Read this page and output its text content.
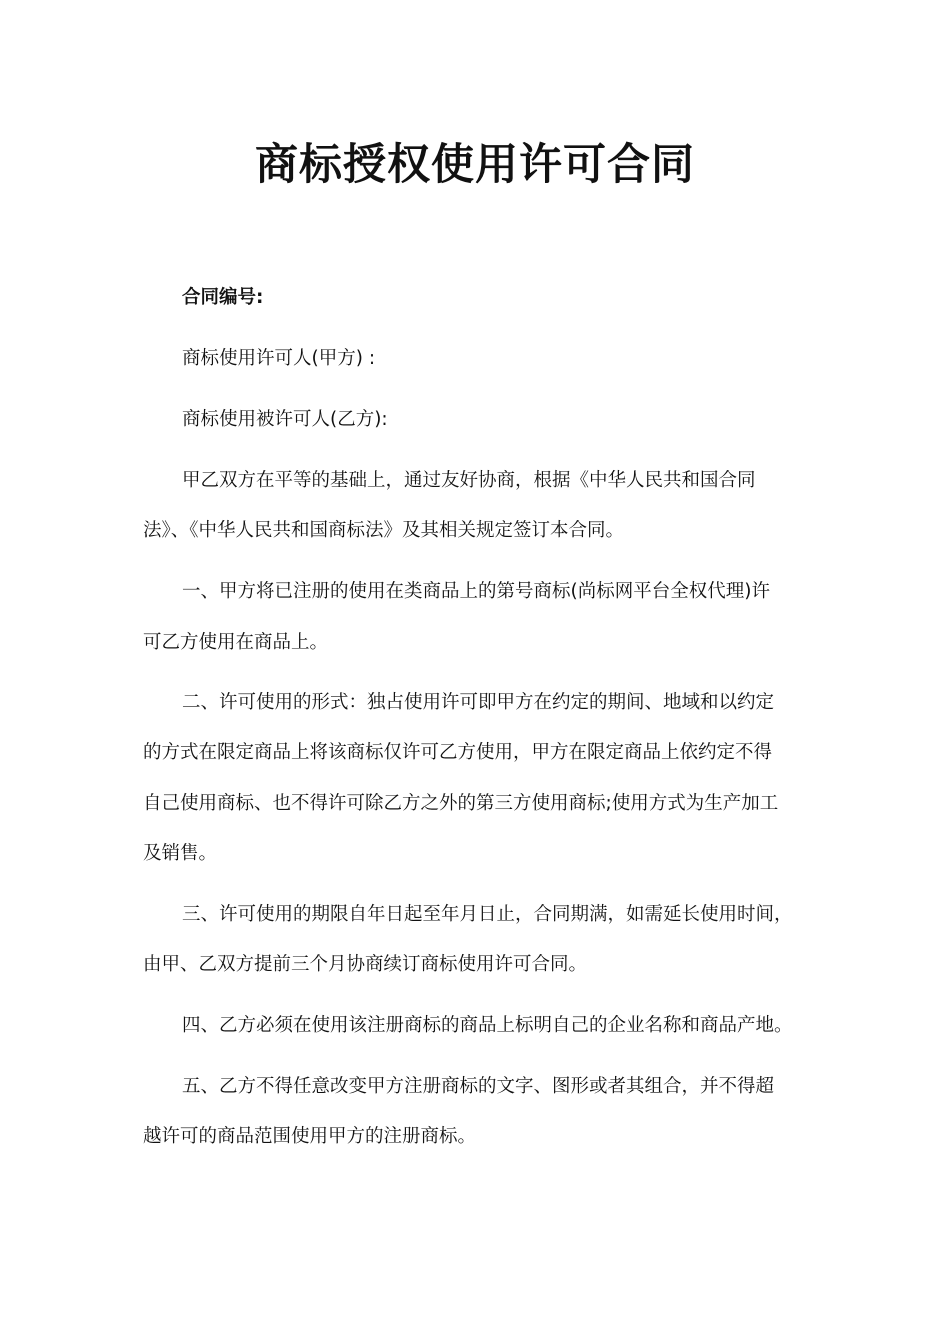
商标授权使用许可合同
合同编号:
商标使用许可人(甲方) :
商标使用被许可人(乙方):
甲乙双方在平等的基础上，通过友好协商，根据《中华人民共和国合同
法》、《中华人民共和国商标法》及其相关规定签订本合同。
一、甲方将已注册的使用在类商品上的第号商标(尚标网平台全权代理)许
可乙方使用在商品上。
二、许可使用的形式：独占使用许可即甲方在约定的期间、地域和以约定
的方式在限定商品上将该商标仅许可乙方使用，甲方在限定商品上依约定不得
自己使用商标、也不得许可除乙方之外的第三方使用商标;使用方式为生产加工
及销售。
三、许可使用的期限自年日起至年月日止，合同期满，如需延长使用时间，
由甲、乙双方提前三个月协商续订商标使用许可合同。
四、乙方必须在使用该注册商标的商品上标明自己的企业名称和商品产地。
五、乙方不得任意改变甲方注册商标的文字、图形或者其组合，并不得超
越许可的商品范围使用甲方的注册商标。
